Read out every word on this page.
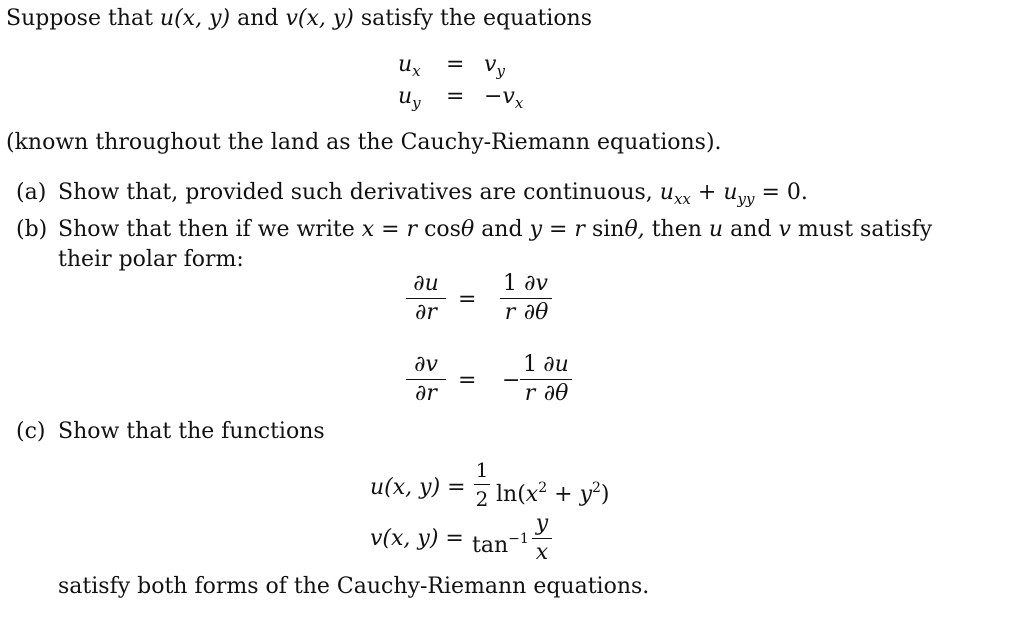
Suppose that u(x, y) and v(x, y) satisfy the equations
$u_x = v_y$
$u_y = -v_x$
(known throughout the land as the Cauchy-Riemann equations).
(a) Show that, provided such derivatives are continuous, $u_{xx} + u_{yy} = 0$.
(b) Show that then if we write x = r cosθ and y = r sinθ, then u and v must satisfy
their polar form:
∂u
∂r
=
1
r
∂v
∂θ
∂v
∂r
= −
1
r
∂u
∂θ
(c) Show that the functions
u(x, y) =
1
2 $\ln(x^2 + y^2)$
v(x, $y) = \tan^{-1}$
y
x
satisfy both forms of the Cauchy-Riemann equations.
